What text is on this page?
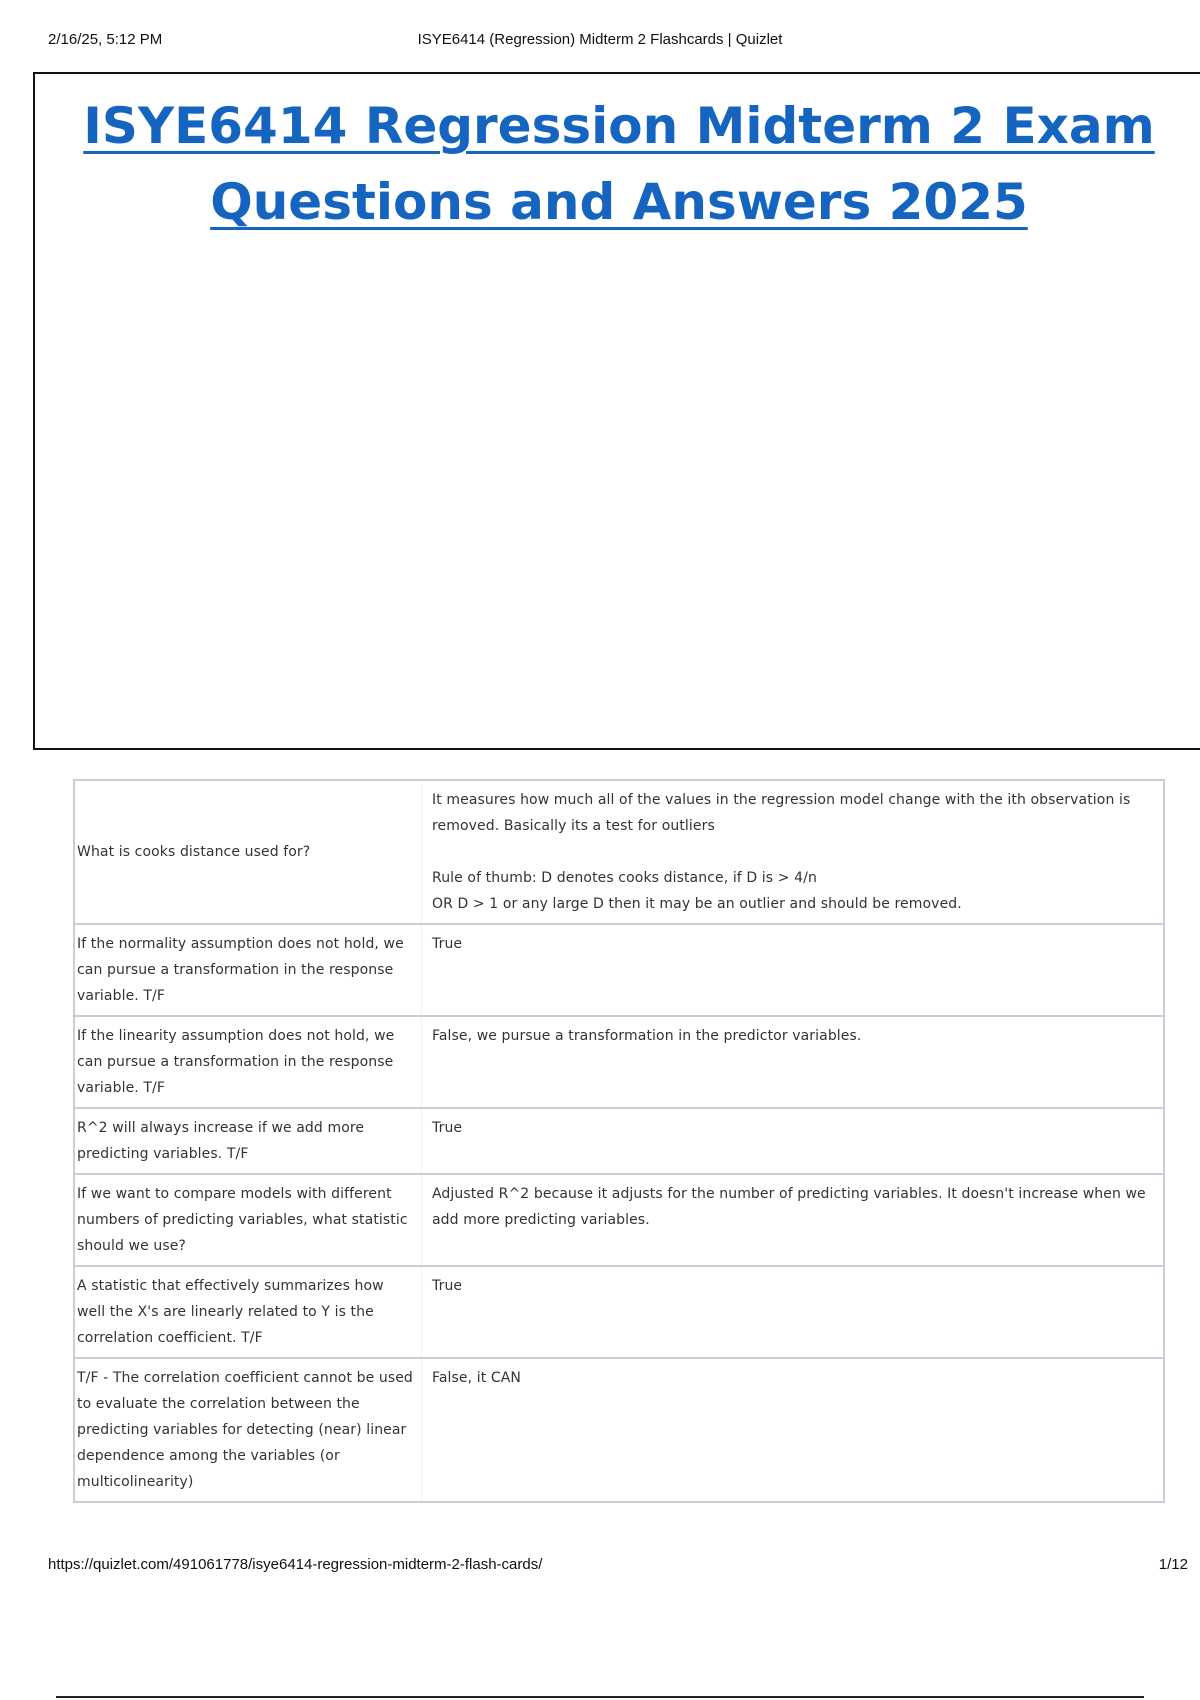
2/16/25, 5:12 PM	ISYE6414 (Regression) Midterm 2 Flashcards | Quizlet
ISYE6414 Regression Midterm 2 Exam
Questions and Answers 2025
What is cooks distance used for?	It measures how much all of the values in the regression model change with the ith observation is removed. Basically its a test for outliers

Rule of thumb: D denotes cooks distance, if D is > 4/n
OR D > 1 or any large D then it may be an outlier and should be removed.

If the normality assumption does not hold, we can pursue a transformation in the response variable. T/F	True
If the linearity assumption does not hold, we can pursue a transformation in the response variable. T/F	False, we pursue a transformation in the predictor variables.
R^2 will always increase if we add more predicting variables. T/F	True
If we want to compare models with different numbers of predicting variables, what statistic should we use?	Adjusted R^2 because it adjusts for the number of predicting variables. It doesn't increase when we add more predicting variables.
A statistic that effectively summarizes how well the X's are linearly related to Y is the correlation coefficient. T/F	True
T/F - The correlation coefficient cannot be used to evaluate the correlation between the predicting variables for detecting (near) linear dependence among the variables (or multicolinearity)	False, it CAN
https://quizlet.com/491061778/isye6414-regression-midterm-2-flash-cards/	1/12
